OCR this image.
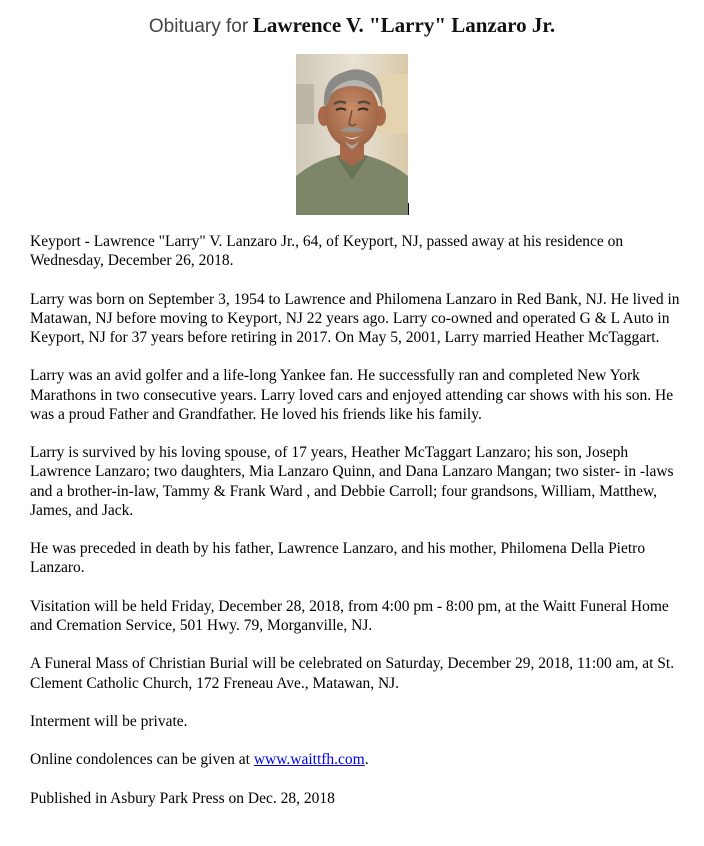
Obituary for Lawrence V. "Larry" Lanzaro Jr.

Keyport - Lawrence "Larry" V. Lanzaro Jr., 64, of Keyport, NJ, passed away at his residence on Wednesday, December 26, 2018.

Larry was born on September 3, 1954 to Lawrence and Philomena Lanzaro in Red Bank, NJ. He lived in Matawan, NJ before moving to Keyport, NJ 22 years ago. Larry co-owned and operated G & L Auto in Keyport, NJ for 37 years before retiring in 2017. On May 5, 2001, Larry married Heather McTaggart.

Larry was an avid golfer and a life-long Yankee fan. He successfully ran and completed New York Marathons in two consecutive years. Larry loved cars and enjoyed attending car shows with his son. He was a proud Father and Grandfather. He loved his friends like his family.

Larry is survived by his loving spouse, of 17 years, Heather McTaggart Lanzaro; his son, Joseph Lawrence Lanzaro; two daughters, Mia Lanzaro Quinn, and Dana Lanzaro Mangan; two sister- in -laws and a brother-in-law, Tammy & Frank Ward , and Debbie Carroll; four grandsons, William, Matthew, James, and Jack.

He was preceded in death by his father, Lawrence Lanzaro, and his mother, Philomena Della Pietro Lanzaro.

Visitation will be held Friday, December 28, 2018, from 4:00 pm - 8:00 pm, at the Waitt Funeral Home and Cremation Service, 501 Hwy. 79, Morganville, NJ.

A Funeral Mass of Christian Burial will be celebrated on Saturday, December 29, 2018, 11:00 am, at St. Clement Catholic Church, 172 Freneau Ave., Matawan, NJ.

Interment will be private.

Online condolences can be given at www.waittfh.com.

Published in Asbury Park Press on Dec. 28, 2018
